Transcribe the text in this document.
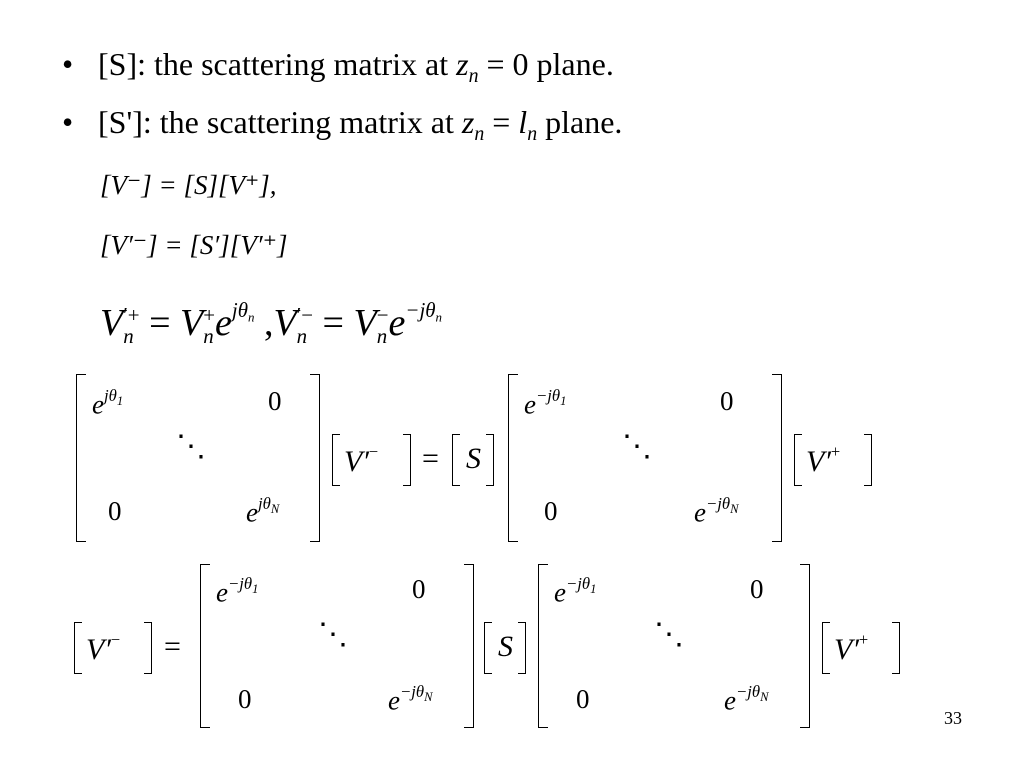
• [S]: the scattering matrix at $z_n = 0$ plane.
• [S']: the scattering matrix at $z_n = l_n$ plane.
[V⁻] = [S][V⁺],
[V′⁻] = [S′][V′⁺]
V ′+
n = V +
n $e^{j\theta_n}$ ,V ′−
n = V −
n $e^{-j\theta_n}$
$e^{j\theta_1}$	0
⋱
0	$e^{j\theta_N}$
V′− = S
$e^{-j\theta_1}$	0
⋱
0	$e^{-j\theta_N}$
V′+
V′− =
$e^{-j\theta_1}$	0
⋱
0	$e^{-j\theta_N}$
S
$e^{-j\theta_1}$	0
⋱
0	$e^{-j\theta_N}$
V′+
33
